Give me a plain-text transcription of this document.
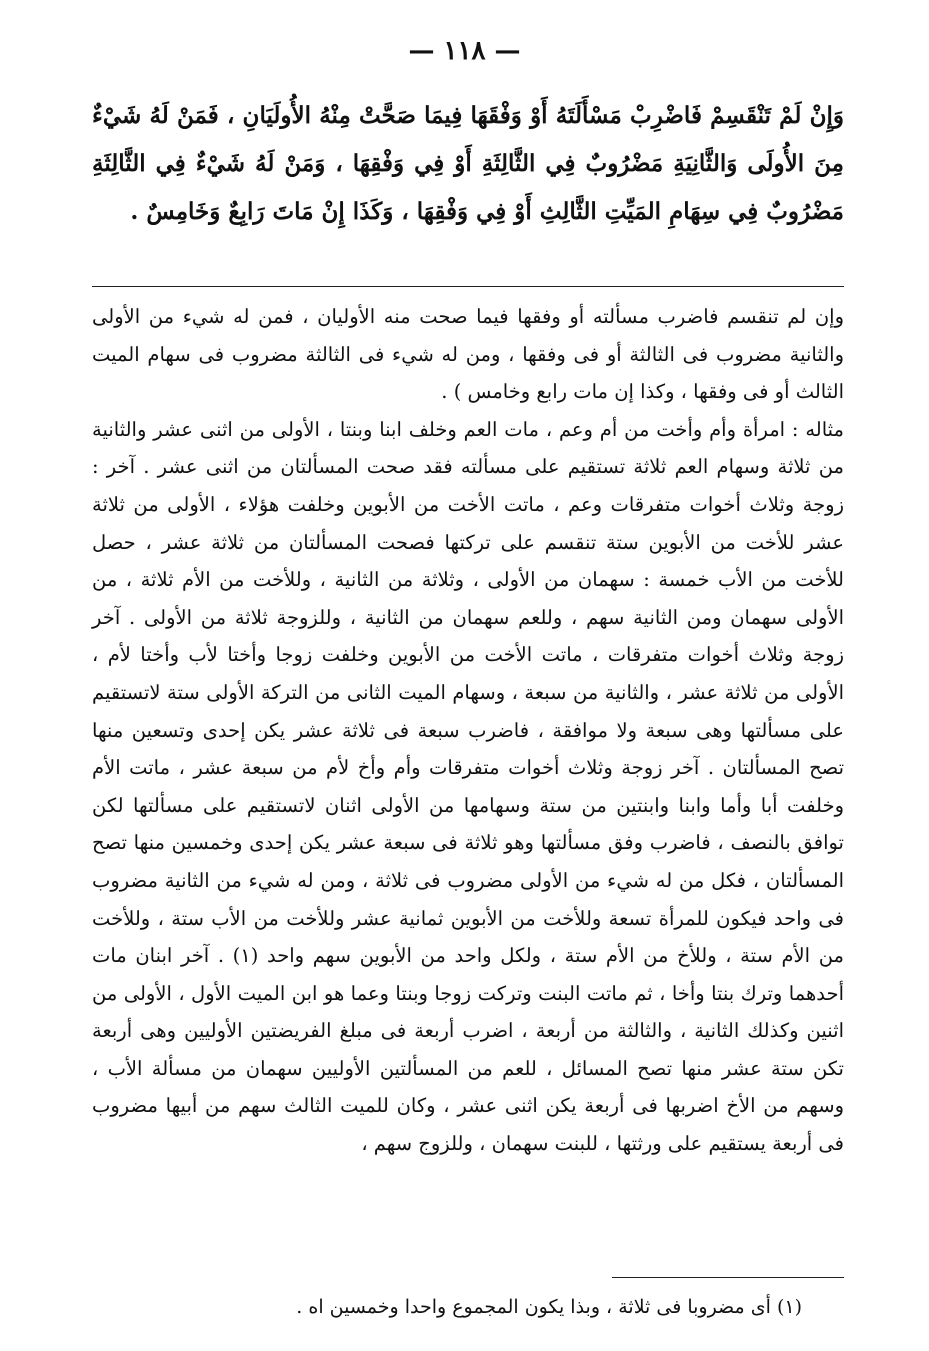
— ١١٨ —

وَإِنْ لَمْ تَنْقَسِمْ فَاضْرِبْ مَسْأَلَتَهُ أَوْ وَفْقَهَا فِيمَا صَحَّتْ مِنْهُ الأُولَيَانِ ، فَمَنْ لَهُ شَيْءٌ مِنَ الأُولَى وَالثَّانِيَةِ مَضْرُوبٌ فِي الثَّالِثَةِ أَوْ فِي وَفْقِهَا ، وَمَنْ لَهُ شَيْءٌ فِي الثَّالِثَةِ مَضْرُوبٌ فِي سِهَامِ المَيِّتِ الثَّالِثِ أَوْ فِي وَفْقِهَا ، وَكَذَا إِنْ مَاتَ رَابِعٌ وَخَامِسٌ .

وإن لم تنقسم فاضرب مسألته أو وفقها فيما صحت منه الأوليان ، فمن له شيء من الأولى والثانية مضروب فى الثالثة أو فى وفقها ، ومن له شيء فى الثالثة مضروب فى سهام الميت الثالث أو فى وفقها ، وكذا إن مات رابع وخامس ) .

مثاله : امرأة وأم وأخت من أم وعم ، مات العم وخلف ابنا وبنتا ، الأولى من اثنى عشر والثانية من ثلاثة وسهام العم ثلاثة تستقيم على مسألته فقد صحت المسألتان من اثنى عشر . آخر : زوجة وثلاث أخوات متفرقات وعم ، ماتت الأخت من الأبوين وخلفت هؤلاء ، الأولى من ثلاثة عشر للأخت من الأبوين ستة تنقسم على تركتها فصحت المسألتان من ثلاثة عشر ، حصل للأخت من الأب خمسة : سهمان من الأولى ، وثلاثة من الثانية ، وللأخت من الأم ثلاثة ، من الأولى سهمان ومن الثانية سهم ، وللعم سهمان من الثانية ، وللزوجة ثلاثة من الأولى . آخر زوجة وثلاث أخوات متفرقات ، ماتت الأخت من الأبوين وخلفت زوجا وأختا لأب وأختا لأم ، الأولى من ثلاثة عشر ، والثانية من سبعة ، وسهام الميت الثانى من التركة الأولى ستة لاتستقيم على مسألتها وهى سبعة ولا موافقة ، فاضرب سبعة فى ثلاثة عشر يكن إحدى وتسعين منها تصح المسألتان . آخر زوجة وثلاث أخوات متفرقات وأم وأخ لأم من سبعة عشر ، ماتت الأم وخلفت أبا وأما وابنا وابنتين من ستة وسهامها من الأولى اثنان لاتستقيم على مسألتها لكن توافق بالنصف ، فاضرب وفق مسألتها وهو ثلاثة فى سبعة عشر يكن إحدى وخمسين منها تصح المسألتان ، فكل من له شيء من الأولى مضروب فى ثلاثة ، ومن له شيء من الثانية مضروب فى واحد فيكون للمرأة تسعة وللأخت من الأبوين ثمانية عشر وللأخت من الأب ستة ، وللأخت من الأم ستة ، وللأخ من الأم ستة ، ولكل واحد من الأبوين سهم واحد (١) . آخر ابنان مات أحدهما وترك بنتا وأخا ، ثم ماتت البنت وتركت زوجا وبنتا وعما هو ابن الميت الأول ، الأولى من اثنين وكذلك الثانية ، والثالثة من أربعة ، اضرب أربعة فى مبلغ الفريضتين الأوليين وهى أربعة تكن ستة عشر منها تصح المسائل ، للعم من المسألتين الأوليين سهمان من مسألة الأب ، وسهم من الأخ اضربها فى أربعة يكن اثنى عشر ، وكان للميت الثالث سهم من أبيها مضروب فى أربعة يستقيم على ورثتها ، للبنت سهمان ، وللزوج سهم ،

(١) أى مضروبا فى ثلاثة ، وبذا يكون المجموع واحدا وخمسين اه .
